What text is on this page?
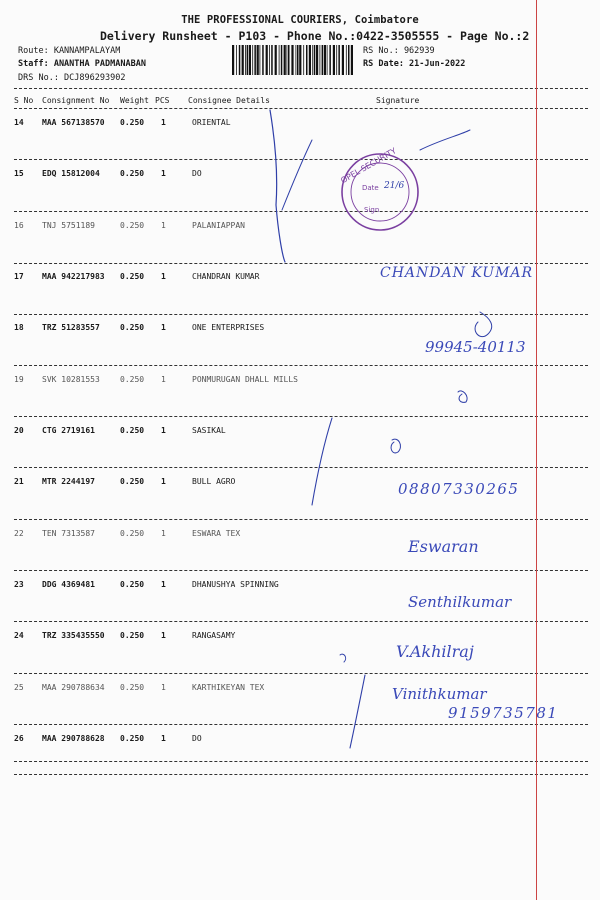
THE PROFESSIONAL COURIERS, Coimbatore
Delivery Runsheet - P103 - Phone No.:0422-3505555 - Page No.:2
Route: KANNAMPALAYAM
Staff: ANANTHA PADMANABAN
DRS No.: DCJ896293902
RS No.: 962939
RS Date: 21-Jun-2022
S No Consignment No Weight PCS Consignee Details	Signature
14 MAA 567138570 0.250 1	ORIENTAL
15 EDQ 15812004	0.250 1	DO
16 TNJ 5751189	0.250 1	PALANIAPPAN
17 MAA 942217983 0.250 1	CHANDRAN KUMAR
18 TRZ 51283557	0.250 1	ONE ENTERPRISES
19 SVK 10281553	0.250 1	PONMURUGAN DHALL MILLS
20 CTG 2719161	0.250 1	SASIKAL
21 MTR 2244197	0.250 1	BULL AGRO
22 TEN 7313587	0.250 1	ESWARA TEX
23 DDG 4369481	0.250 1	DHANUSHYA SPINNING
24 TRZ 335435550 0.250 1	RANGASAMY
25 MAA 290788634 0.250 1	KARTHIKEYAN TEX
26 MAA 290788628 0.250 1	DO
OPEL SECURITY
Date 21/6
Sign
CHANDAN KUMAR
99945-40113
08807330265
Eswaran
Senthilkumar
V.Akhilraj
Vinithkumar
9159735781
